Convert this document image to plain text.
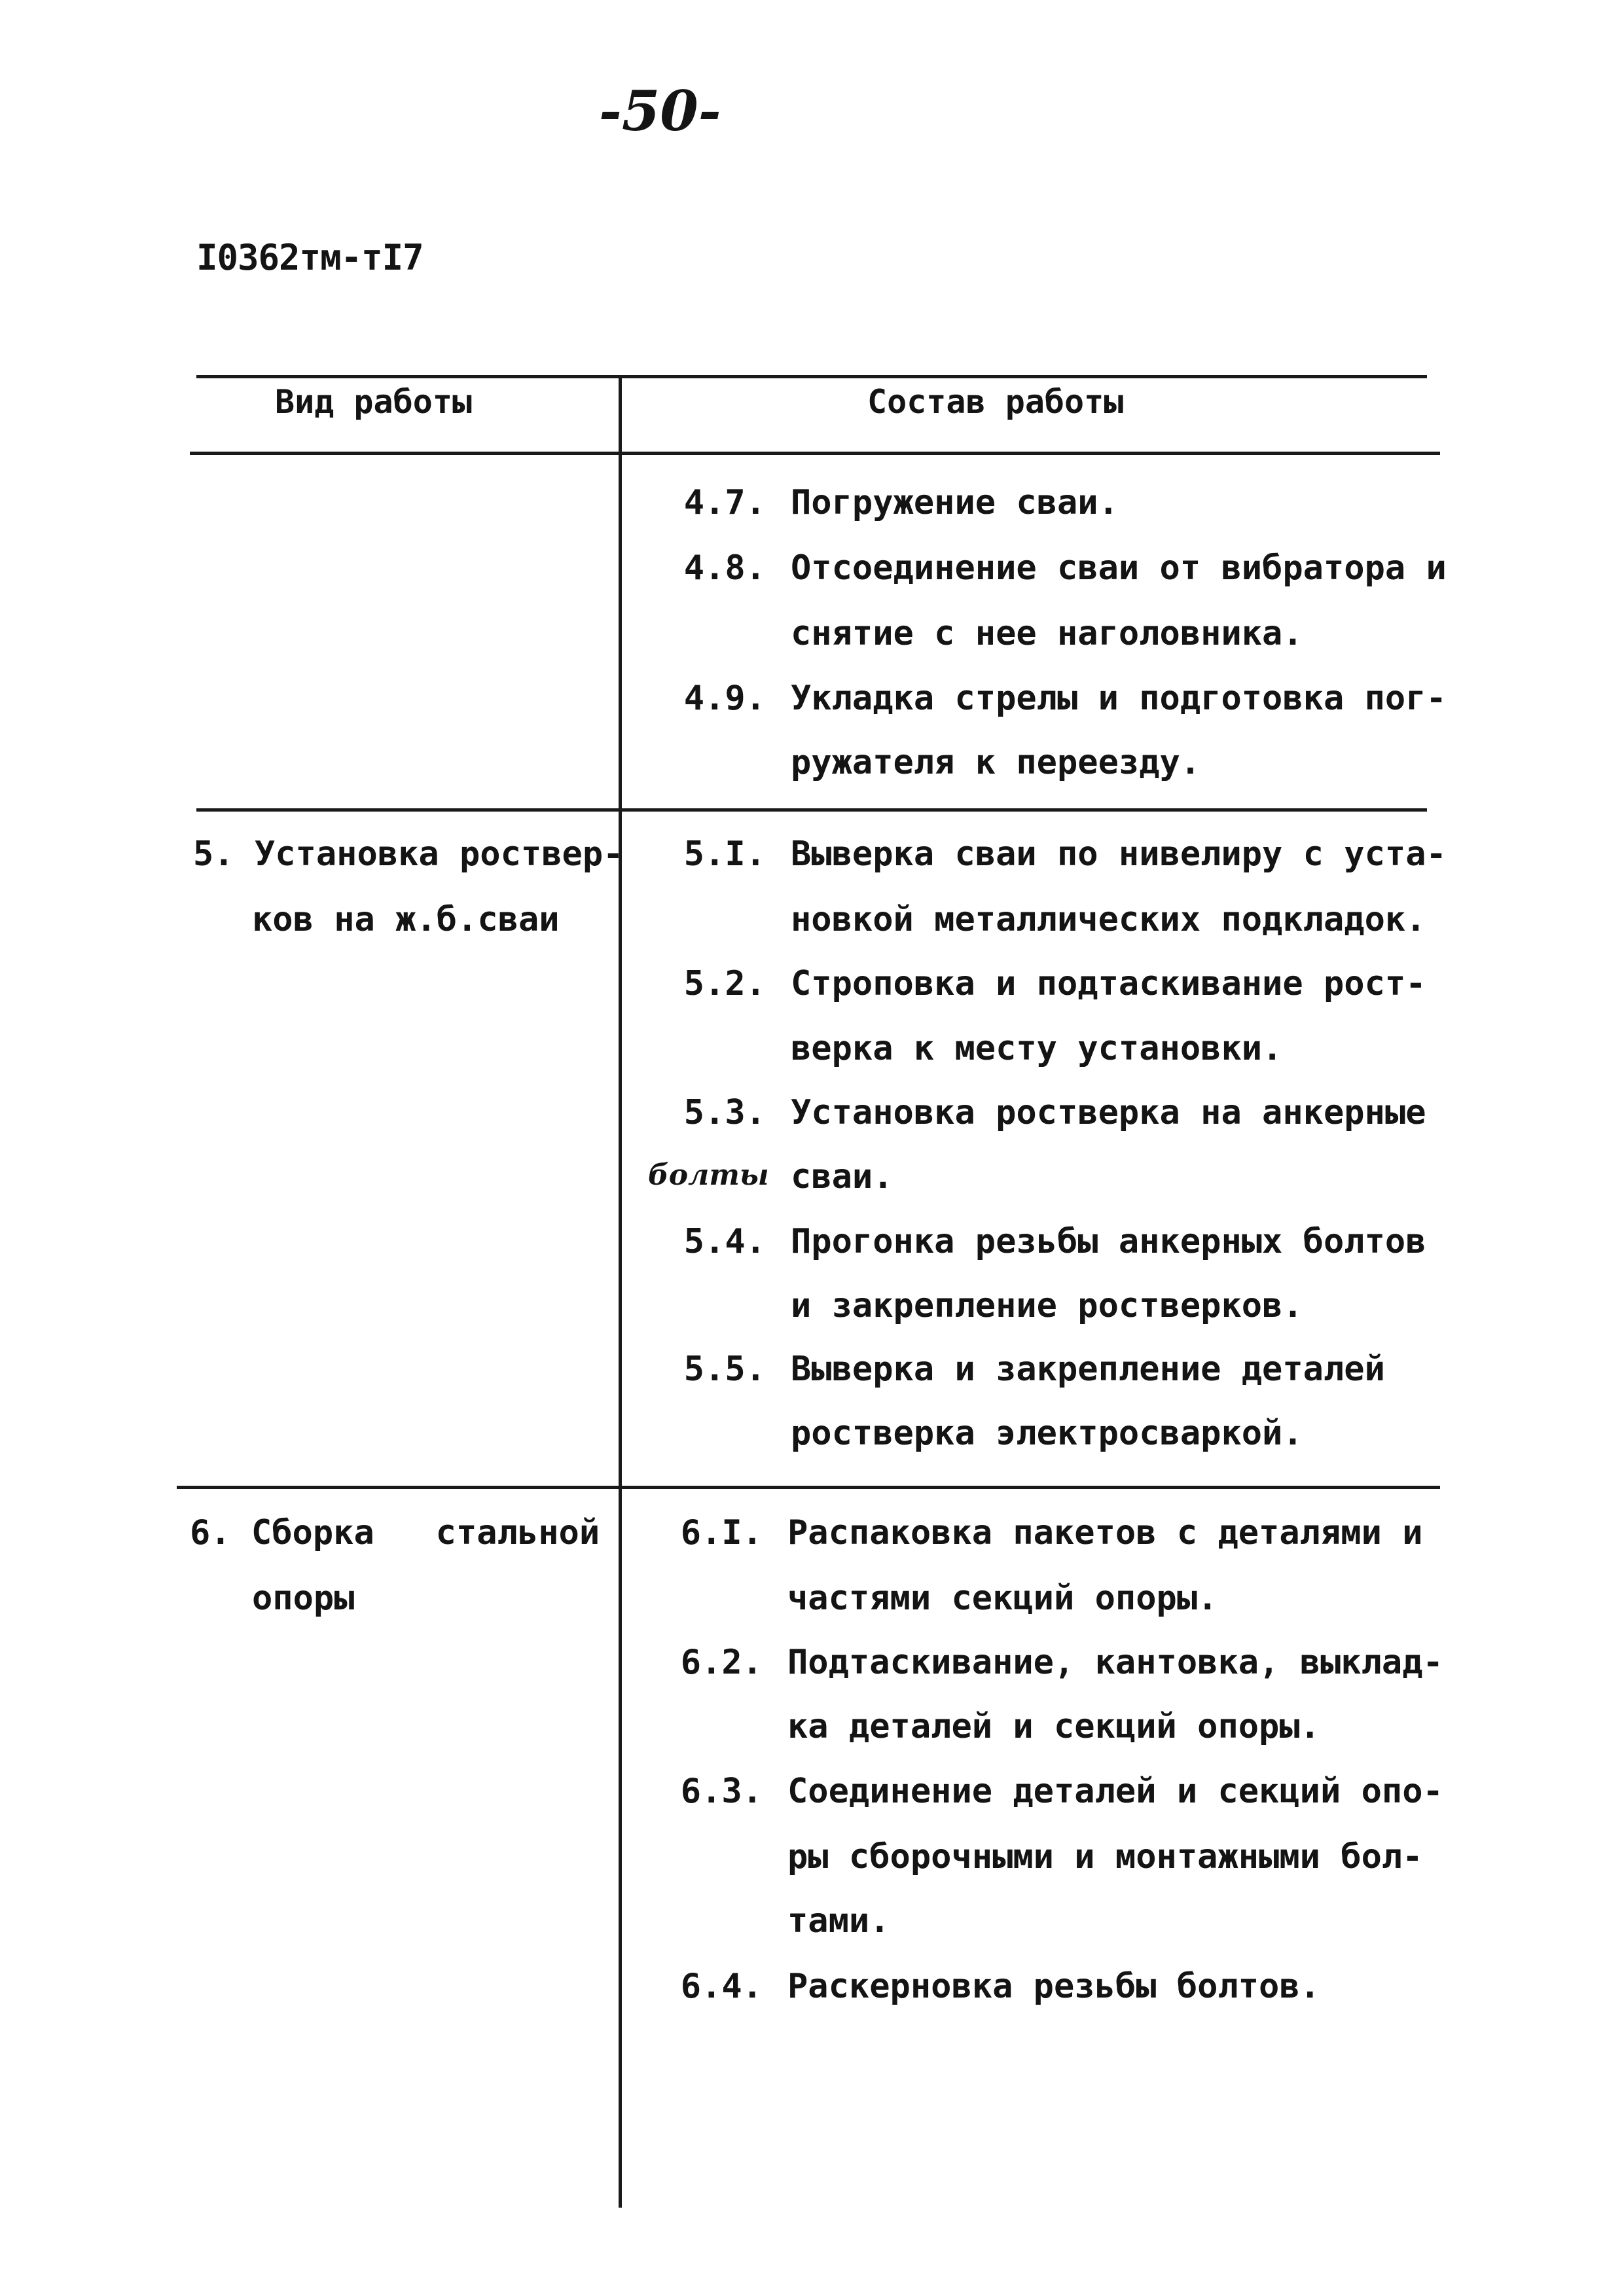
-50-
I0362тм-тI7
Вид работы	Состав работы
4.7. Погружение сваи.
4.8. Отсоединение сваи от вибратора и
снятие с нее наголовника.
4.9. Укладка стрелы и подготовка пог-
ружателя к переезду.
5. Установка роствер-
ков на ж.б.сваи
5.I. Выверка сваи по нивелиру с уста-
новкой металлических подкладок.
5.2. Строповка и подтаскивание рост-
верка к месту установки.
5.3. Установка ростверка на анкерные
болты сваи.
5.4. Прогонка резьбы анкерных болтов
и закрепление ростверков.
5.5. Выверка и закрепление деталей
ростверка электросваркой.
6. Сборка   стальной
опоры
6.I. Распаковка пакетов с деталями и
частями секций опоры.
6.2. Подтаскивание, кантовка, выклад-
ка деталей и секций опоры.
6.3. Соединение деталей и секций опо-
ры сборочными и монтажными бол-
тами.
6.4. Раскерновка резьбы болтов.
